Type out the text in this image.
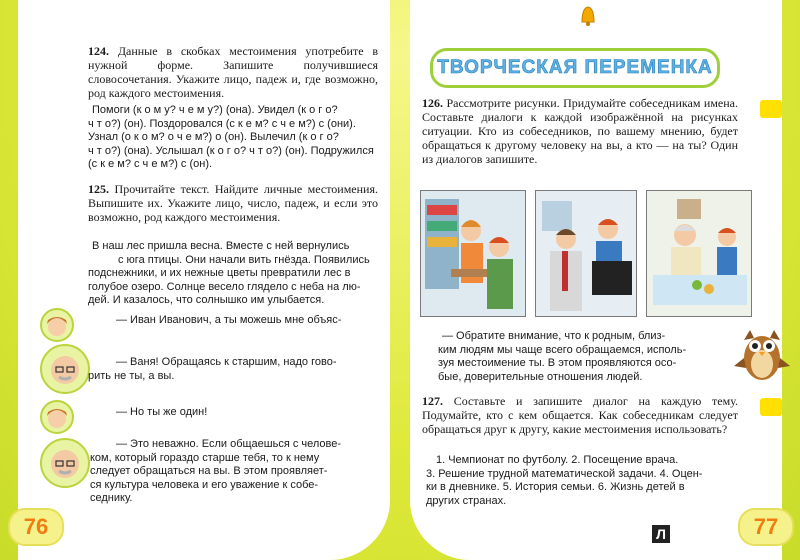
124. Данные в скобках местоимения употребите в нужной форме. Запишите получившиеся словосочетания. Укажите лицо, падеж и, где возможно, род каждого местоимения.
Помоги (к о м у? ч е м у?) (она). Увидел (к о г о?
ч т о?) (он). Поздоровался (с к е м? с ч е м?) с (они).
Узнал (о к о м? о ч е м?) о (он). Вылечил (к о г о?
ч т о?) (она). Услышал (к о г о? ч т о?) (он). Подружился
(с к е м? с ч е м?) с (он).
125. Прочитайте текст. Найдите личные местоимения. Выпишите их. Укажите лицо, число, падеж, и если это возможно, род каждого местоимения.
В наш лес пришла весна. Вместе с ней вернулись
с юга птицы. Они начали вить гнёзда. Появились
подснежники, и их нежные цветы превратили лес в
голубое озеро. Солнце весело глядело с неба на лю-
дей. И казалось, что солнышко им улыбается.
— Иван Иванович, а ты можешь мне объяс-
— Ваня! Обращаясь к старшим, надо гово-
рить не ты, а вы.
— Но ты же один!
— Это неважно. Если общаешься с челове-
ком, который гораздо старше тебя, то к нему
следует обращаться на вы. В этом проявляет-
ся культура человека и его уважение к собе-
седнику.
76
ТВОРЧЕСКАЯ ПЕРЕМЕНКА
126. Рассмотрите рисунки. Придумайте собеседникам имена. Составьте диалоги к каждой изображённой на рисунках ситуации. Кто из собеседников, по вашему мнению, будет обращаться к другому человеку на вы, а кто — на ты? Один из диалогов запишите.
— Обратите внимание, что к родным, близ-
ким людям мы чаще всего обращаемся, исполь-
зуя местоимение ты. В этом проявляются осо-
бые, доверительные отношения людей.
127. Составьте и запишите диалог на каждую тему. Подумайте, кто с кем общается. Как собеседникам следует обращаться друг к другу, какие местоимения использовать?
1. Чемпионат по футболу. 2. Посещение врача.
3. Решение трудной математической задачи. 4. Оцен-
ки в дневнике. 5. История семьи. 6. Жизнь детей в
других странах.
Л	77
